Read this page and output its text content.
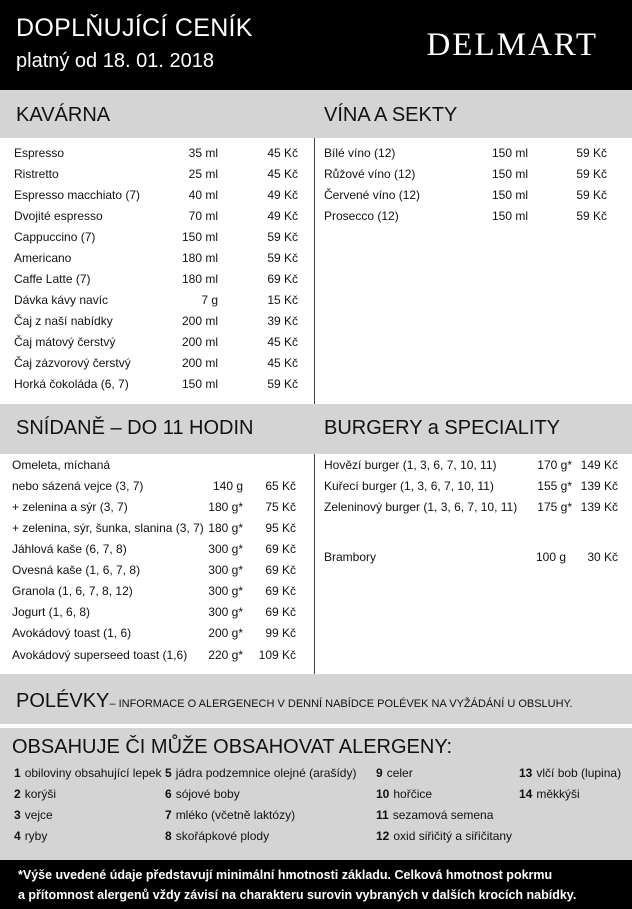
DOPLŇUJÍCÍ CENÍK
platný od 18. 01. 2018	DELMART
KAVÁRNA	VÍNA A SEKTY
SNÍDANĚ – DO 11 HODIN	BURGERY a SPECIALITY
Espresso	35 ml	45 Kč
Ristretto	25 ml	45 Kč
Espresso macchiato (7)	40 ml	49 Kč
Dvojité espresso	70 ml	49 Kč
Cappuccino (7)	150 ml	59 Kč
Americano	180 ml	59 Kč
Caffe Latte (7)	180 ml	69 Kč
Dávka kávy navíc	7 g	15 Kč
Čaj z naší nabídky	200 ml	39 Kč
Čaj mátový čerstvý	200 ml	45 Kč
Čaj zázvorový čerstvý	200 ml	45 Kč
Horká čokoláda (6, 7)	150 ml	59 Kč
Bílé víno (12)	150 ml	59 Kč
Růžové víno (12)	150 ml	59 Kč
Červené víno (12)	150 ml	59 Kč
Prosecco (12)	150 ml	59 Kč
Omeleta, míchaná
nebo sázená vejce (3, 7)	140 g 65 Kč
+ zelenina a sýr (3, 7)	180 g* 75 Kč
+ zelenina, sýr, šunka, slanina (3, 7) 180 g* 95 Kč
Jáhlová kaše (6, 7, 8)	300 g* 69 Kč
Ovesná kaše (1, 6, 7, 8)	300 g* 69 Kč
Granola (1, 6, 7, 8, 12)	300 g* 69 Kč
Jogurt (1, 6, 8)	300 g* 69 Kč
Avokádový toast (1, 6)	200 g* 99 Kč
Avokádový superseed toast (1,6) 220 g* 109 Kč
Hovězí burger (1, 3, 6, 7, 10, 11)	170 g* 149 Kč
Kuřecí burger (1, 3, 6, 7, 10, 11)	155 g* 139 Kč
Zeleninový burger (1, 3, 6, 7, 10, 11) 175 g* 139 Kč
Brambory	100 g 30 Kč
POLÉVKY– INFORMACE O ALERGENECH V DENNÍ NABÍDCE POLÉVEK NA VYŽÁDÁNÍ U OBSLUHY.
OBSAHUJE ČI MŮŽE OBSAHOVAT ALERGENY:
1 obiloviny obsahující lepek
2 korýši
3 vejce
4 ryby
5 jádra podzemnice olejné (arašídy)
6 sójové boby
7 mléko (včetně laktózy)
8 skořápkové plody
9 celer
10 hořčice
11 sezamová semena
12 oxid siřičitý a siřičitany
13 vlčí bob (lupina)
14 měkkýši
*Výše uvedené údaje představují minimální hmotnosti základu. Celková hmotnost pokrmu
a přítomnost alergenů vždy závisí na charakteru surovin vybraných v dalších krocích nabídky.
